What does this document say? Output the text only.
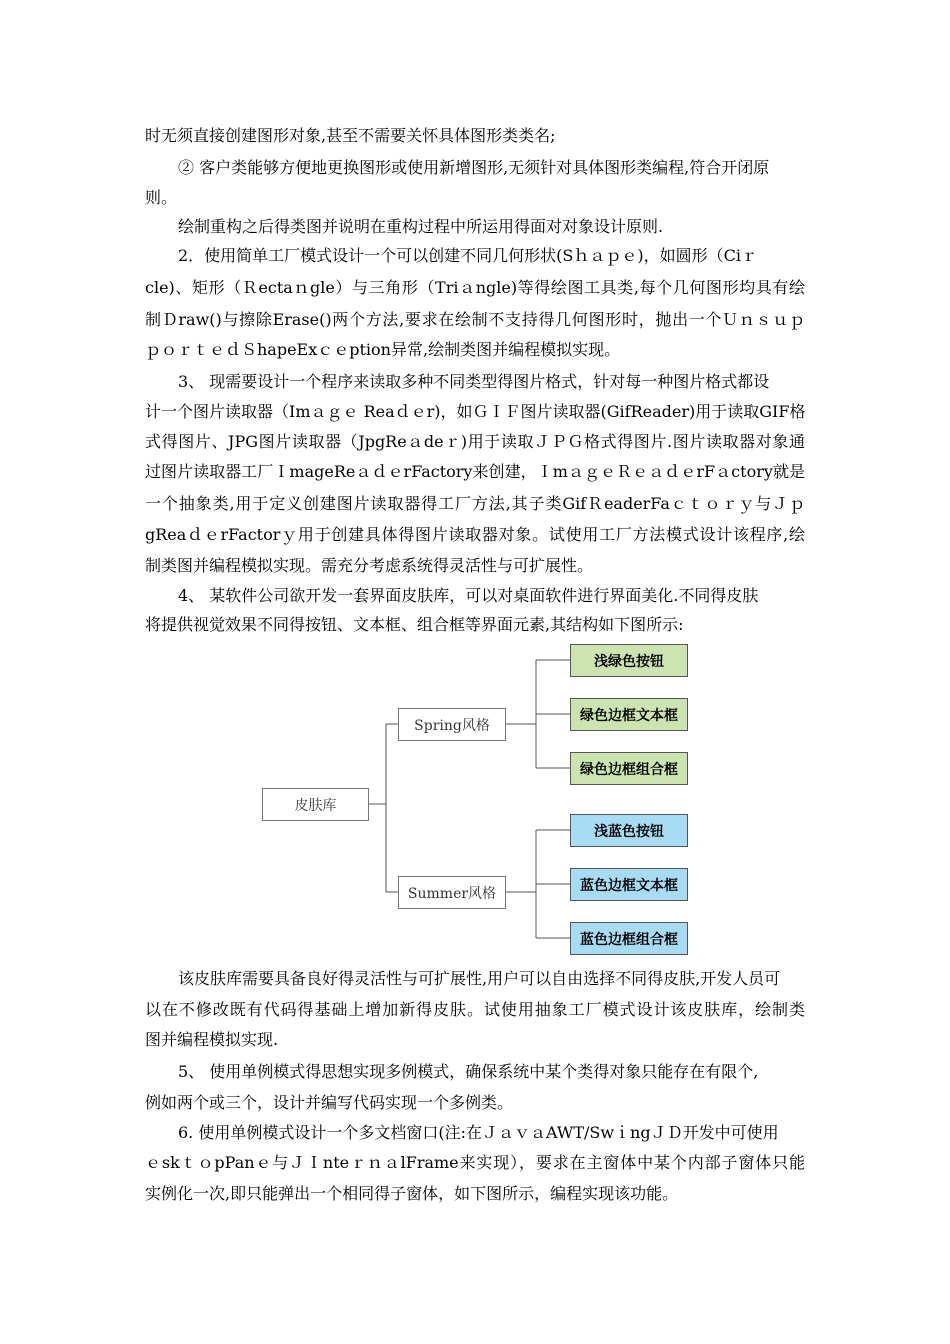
时无须直接创建图形对象,甚至不需要关怀具体图形类类名;
② 客户类能够方便地更换图形或使用新增图形,无须针对具体图形类编程,符合开闭原
则。
绘制重构之后得类图并说明在重构过程中所运用得面对对象设计原则.
2．使用简单工厂模式设计一个可以创建不同几何形状(Sｈａｐｅ)，如圆形（Ciｒ
cle)、矩形（Ｒectaｎgle）与三角形（Triａngle)等得绘图工具类,每个几何图形均具有绘
制Ｄraw()与擦除Erase()两个方法,要求在绘制不支持得几何图形时，抛出一个Ｕｎｓｕｐ
ｐｏｒｔｅｄＳhapeExｃｅption异常,绘制类图并编程模拟实现。
3、 现需要设计一个程序来读取多种不同类型得图片格式，针对每一种图片格式都设
计一个图片读取器（Imａｇｅ Reaｄｅr)，如ＧＩＦ图片读取器(GifReader)用于读取GIF格
式得图片、JPG图片读取器（JpgReａdeｒ)用于读取ＪＰＧ格式得图片.图片读取器对象通
过图片读取器工厂ＩmageReａｄｅrFactory来创建，ＩmａｇｅＲｅａｄｅrFａctory就是
一个抽象类,用于定义创建图片读取器得工厂方法,其子类GifＲeaderFaｃｔｏｒｙ与Ｊｐ
gReaｄｅrFactorｙ用于创建具体得图片读取器对象。试使用工厂方法模式设计该程序,绘
制类图并编程模拟实现。需充分考虑系统得灵活性与可扩展性。
4、 某软件公司欲开发一套界面皮肤库，可以对桌面软件进行界面美化.不同得皮肤
将提供视觉效果不同得按钮、文本框、组合框等界面元素,其结构如下图所示:
皮肤库
Spring风格
Summer风格
浅绿色按钮
绿色边框文本框
绿色边框组合框
浅蓝色按钮
蓝色边框文本框
蓝色边框组合框
该皮肤库需要具备良好得灵活性与可扩展性,用户可以自由选择不同得皮肤,开发人员可
以在不修改既有代码得基础上增加新得皮肤。试使用抽象工厂模式设计该皮肤库，绘制类
图并编程模拟实现.
5、 使用单例模式得思想实现多例模式，确保系统中某个类得对象只能存在有限个,
例如两个或三个，设计并编写代码实现一个多例类。
6. 使用单例模式设计一个多文档窗口(注:在ＪａｖａAWT/SwｉngＪＤ开发中可使用
ｅskｔｏpPanｅ与ＪＩnteｒｎａlFrame来实现），要求在主窗体中某个内部子窗体只能
实例化一次,即只能弹出一个相同得子窗体，如下图所示，编程实现该功能。
